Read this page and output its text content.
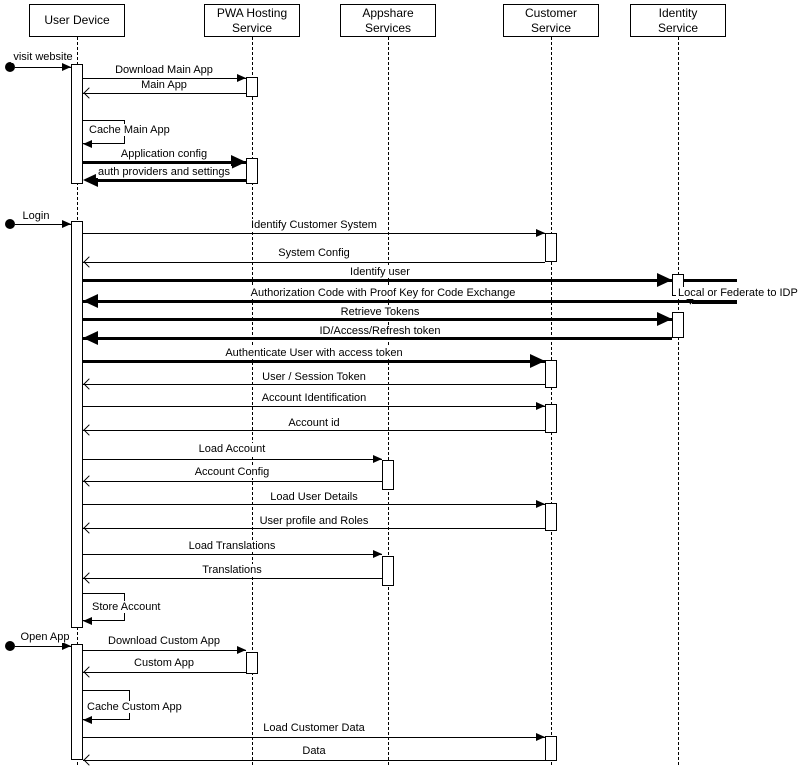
User Device
PWA Hosting Service
Appshare Services
Customer Service
Identity Service
visit website
Download Main App
Main App
Cache Main App
Application config
auth providers and settings
Login
Identify Customer System
System Config
Identify user
Local or Federate to IDP
Authorization Code with Proof Key for Code Exchange
Retrieve Tokens
ID/Access/Refresh token
Authenticate User with access token
User / Session Token
Account Identification
Account id
Load Account
Account Config
Load User Details
User profile and Roles
Load Translations
Translations
Store Account
Open App	Download Custom App
Custom App
Cache Custom App
Load Customer Data
Data
